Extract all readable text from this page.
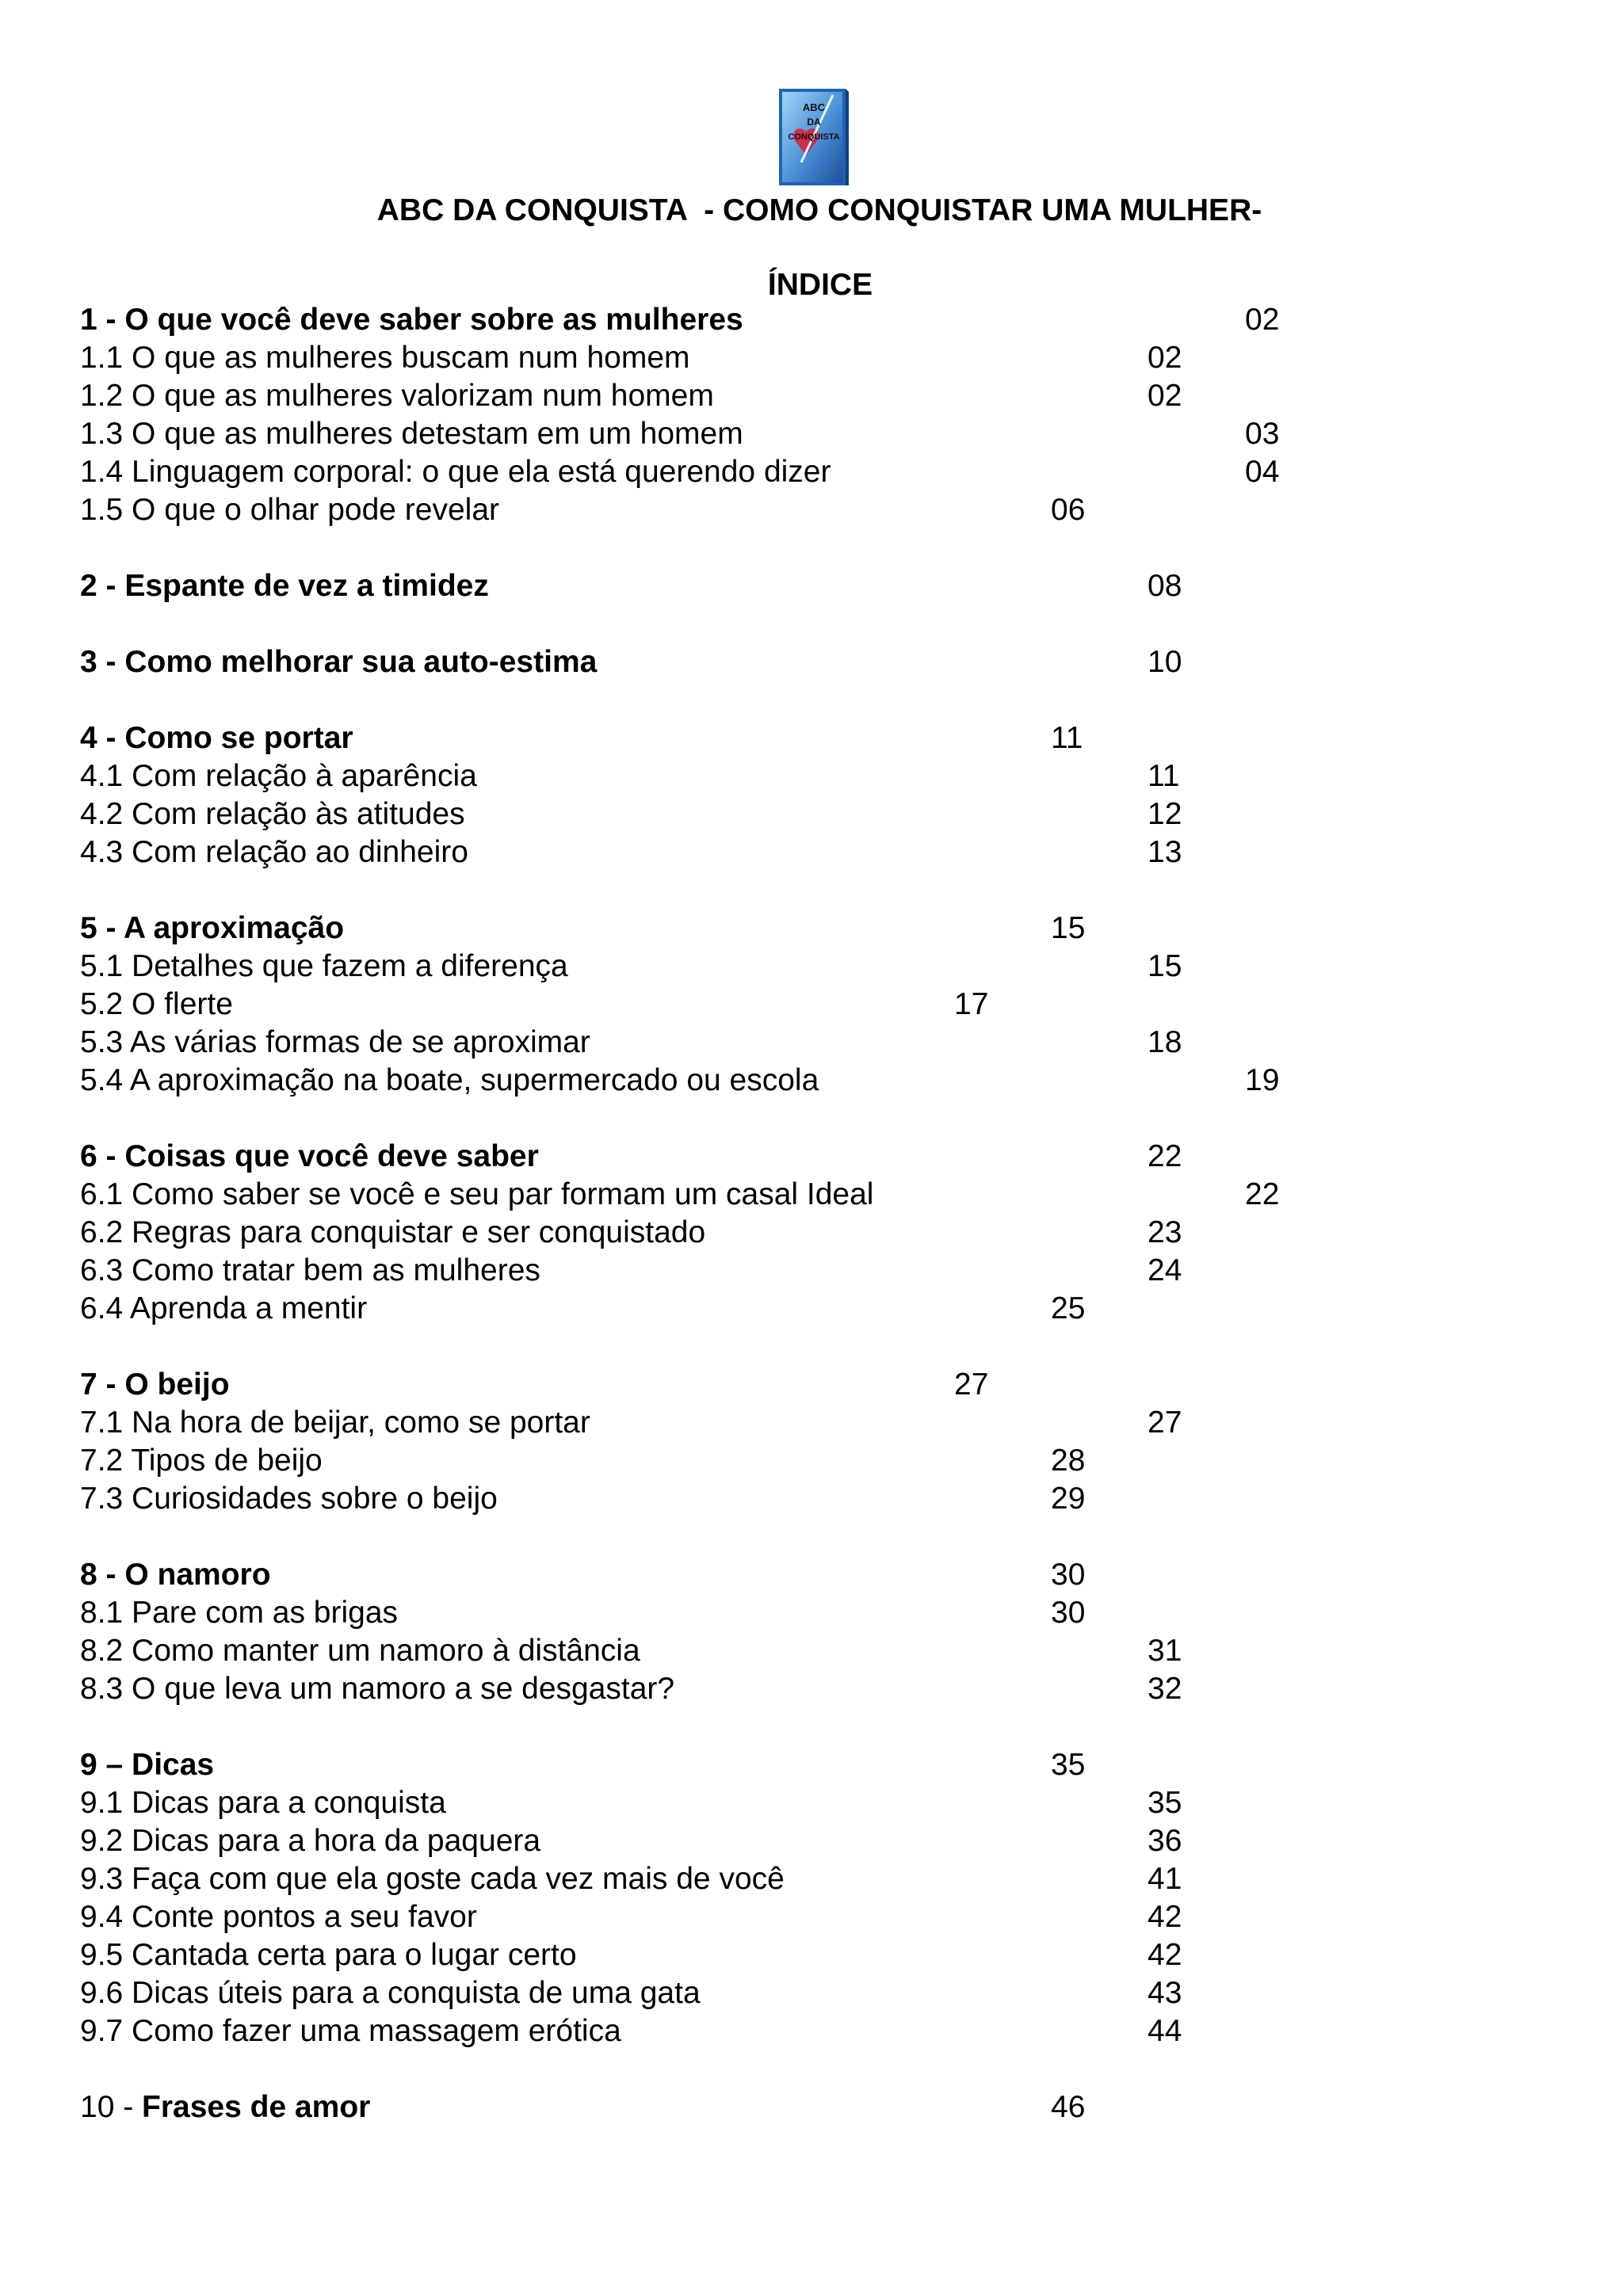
ABC
DA
CONQUISTA
ABC DA CONQUISTA  - COMO CONQUISTAR UMA MULHER-
ÍNDICE
1 - O que você deve saber sobre as mulheres	02
1.1 O que as mulheres buscam num homem	02
1.2 O que as mulheres valorizam num homem	02
1.3 O que as mulheres detestam em um homem	03
1.4 Linguagem corporal: o que ela está querendo dizer	04
1.5 O que o olhar pode revelar	06
2 - Espante de vez a timidez	08
3 - Como melhorar sua auto-estima	10
4 - Como se portar	11
4.1 Com relação à aparência	11
4.2 Com relação às atitudes	12
4.3 Com relação ao dinheiro	13
5 - A aproximação	15
5.1 Detalhes que fazem a diferença	15
5.2 O flerte	17
5.3 As várias formas de se aproximar	18
5.4 A aproximação na boate, supermercado ou escola	19
6 - Coisas que você deve saber	22
6.1 Como saber se você e seu par formam um casal Ideal	22
6.2 Regras para conquistar e ser conquistado	23
6.3 Como tratar bem as mulheres	24
6.4 Aprenda a mentir	25
7 - O beijo	27
7.1 Na hora de beijar, como se portar	27
7.2 Tipos de beijo	28
7.3 Curiosidades sobre o beijo	29
8 - O namoro	30
8.1 Pare com as brigas	30
8.2 Como manter um namoro à distância	31
8.3 O que leva um namoro a se desgastar?	32
9 – Dicas	35
9.1 Dicas para a conquista	35
9.2 Dicas para a hora da paquera	36
9.3 Faça com que ela goste cada vez mais de você	41
9.4 Conte pontos a seu favor	42
9.5 Cantada certa para o lugar certo	42
9.6 Dicas úteis para a conquista de uma gata	43
9.7 Como fazer uma massagem erótica	44
10 - Frases de amor	46
